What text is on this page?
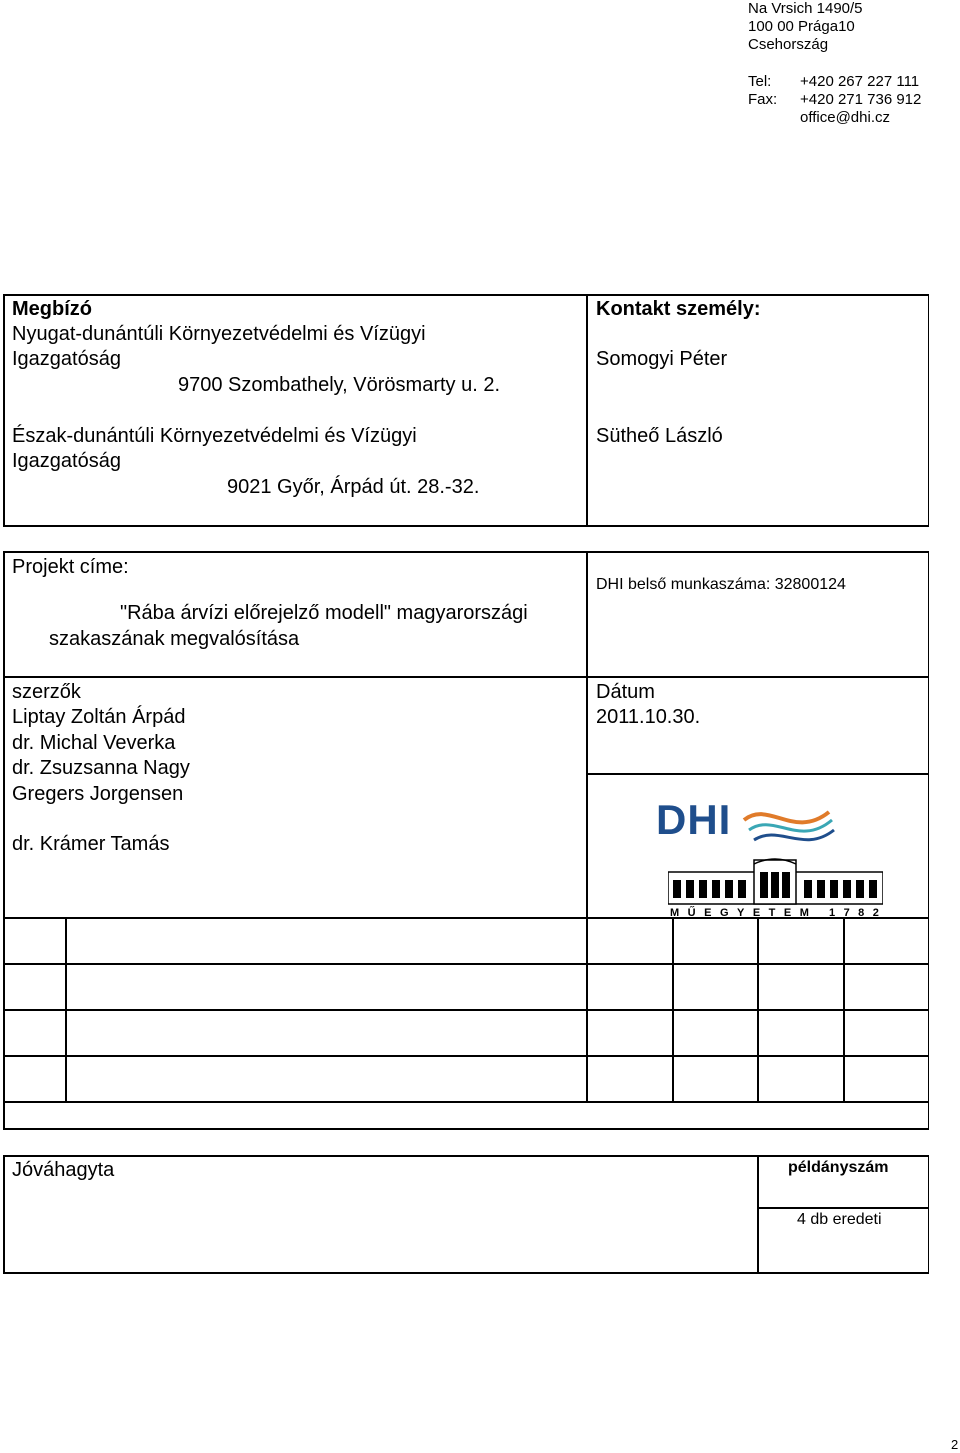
Na Vrsich 1490/5
100 00 Prága10
Csehország
Tel: +420 267 227 111
Fax: +420 271 736 912
office@dhi.cz
Megbízó
Nyugat-dunántúli Környezetvédelmi és Vízügyi
Igazgatóság
9700 Szombathely, Vörösmarty u. 2.
Észak-dunántúli Környezetvédelmi és Vízügyi
Igazgatóság
9021 Győr, Árpád út. 28.-32.
Kontakt személy:
Somogyi Péter
Sütheő László
Projekt címe:
"Rába árvízi előrejelző modell" magyarországi
szakaszának megvalósítása
DHI belső munkaszáma: 32800124
szerzők
Liptay Zoltán Árpád
dr. Michal Veverka
dr. Zsuzsanna Nagy
Gregers Jorgensen
dr. Krámer Tamás
Dátum
2011.10.30.
DHI
MŰEGYETEM 1782
Jóváhagyta	példányszám
4 db eredeti
2
